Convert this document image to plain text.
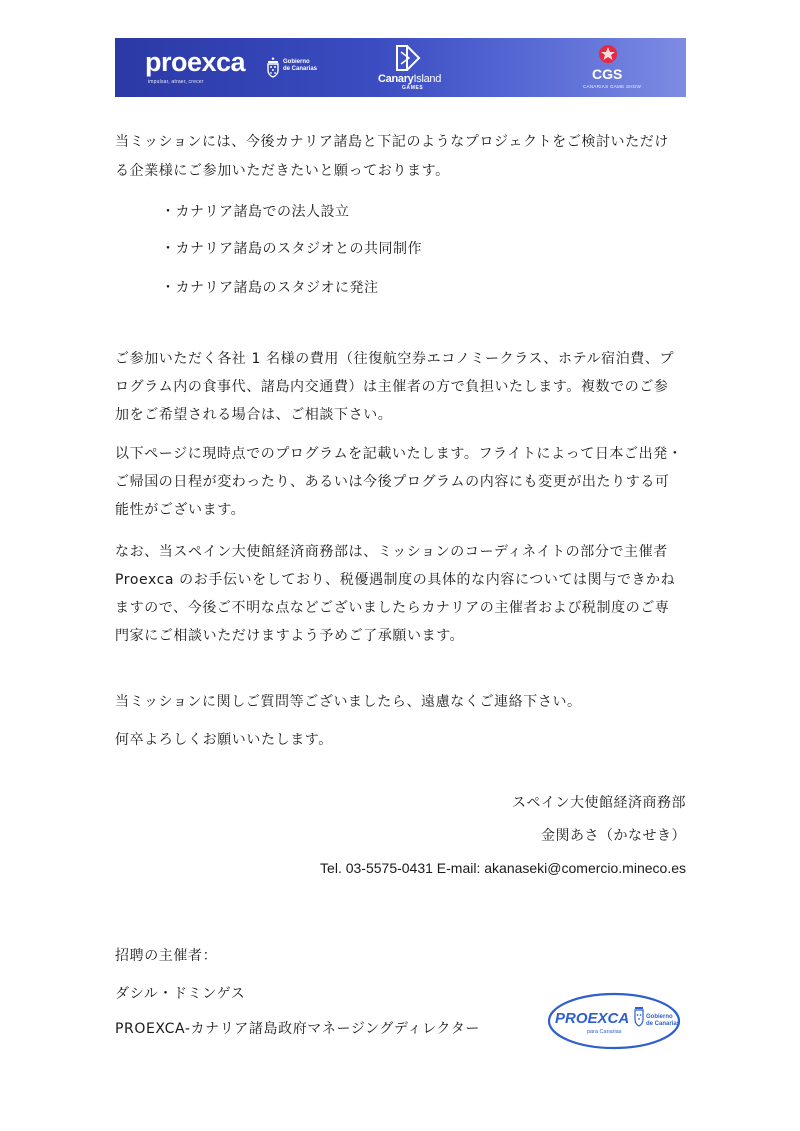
proexca
impulsar, atraer, crecer
Gobierno
de Canarias
CanaryIsland
GAMES
CGS
CANARIAS GAME SHOW
当ミッションには、今後カナリア諸島と下記のようなプロジェクトをご検討いただけ
る企業様にご参加いただきたいと願っております。
・カナリア諸島での法人設立
・カナリア諸島のスタジオとの共同制作
・カナリア諸島のスタジオに発注
ご参加いただく各社 1 名様の費用（往復航空券エコノミークラス、ホテル宿泊費、プ
ログラム内の食事代、諸島内交通費）は主催者の方で負担いたします。複数でのご参
加をご希望される場合は、ご相談下さい。
以下ページに現時点でのプログラムを記載いたします。フライトによって日本ご出発・
ご帰国の日程が変わったり、あるいは今後プログラムの内容にも変更が出たりする可
能性がございます。
なお、当スペイン大使館経済商務部は、ミッションのコーディネイトの部分で主催者
Proexca のお手伝いをしており、税優遇制度の具体的な内容については関与できかね
ますので、今後ご不明な点などございましたらカナリアの主催者および税制度のご専
門家にご相談いただけますよう予めご了承願います。
当ミッションに関しご質問等ございましたら、遠慮なくご連絡下さい。
何卒よろしくお願いいたします。
スペイン大使館経済商務部
金関あさ（かなせき）
Tel. 03-5575-0431 E-mail: akanaseki@comercio.mineco.es
招聘の主催者：
ダシル・ドミンゲス
PROEXCA-カナリア諸島政府マネージングディレクター
PROEXCA
para Canarias
Gobierno
de Canarias
